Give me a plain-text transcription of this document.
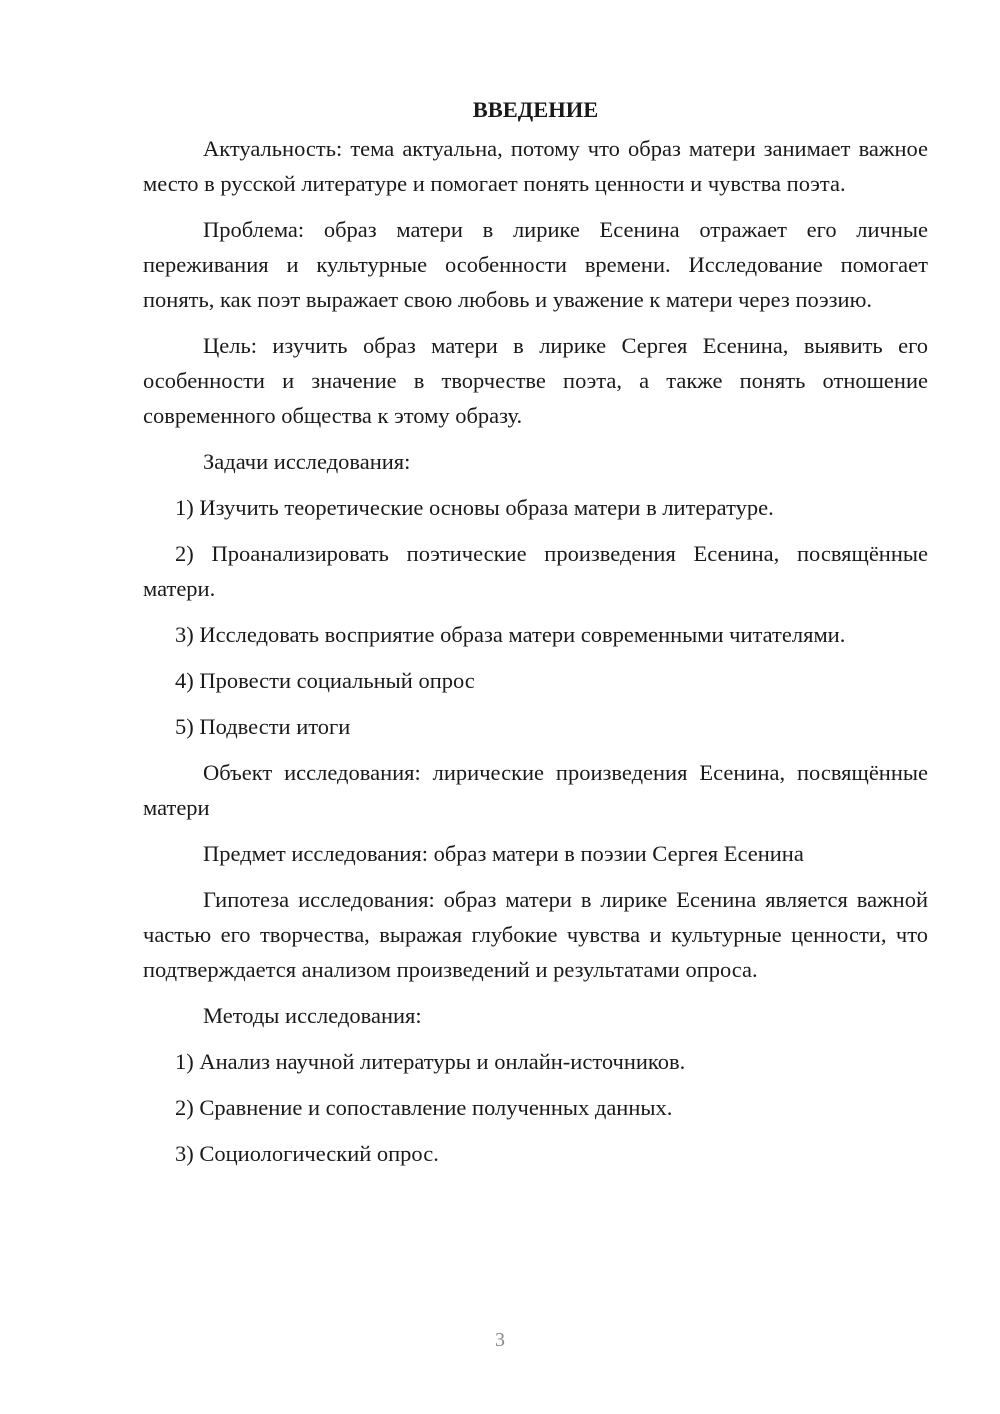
ВВЕДЕНИЕ

Актуальность: тема актуальна, потому что образ матери занимает важное место в русской литературе и помогает понять ценности и чувства поэта.

Проблема: образ матери в лирике Есенина отражает его личные переживания и культурные особенности времени. Исследование помогает понять, как поэт выражает свою любовь и уважение к матери через поэзию.

Цель: изучить образ матери в лирике Сергея Есенина, выявить его особенности и значение в творчестве поэта, а также понять отношение современного общества к этому образу.

Задачи исследования:

1) Изучить теоретические основы образа матери в литературе.

2) Проанализировать поэтические произведения Есенина, посвящённые матери.

3) Исследовать восприятие образа матери современными читателями.

4) Провести социальный опрос

5) Подвести итоги

Объект исследования: лирические произведения Есенина, посвящённые матери

Предмет исследования: образ матери в поэзии Сергея Есенина

Гипотеза исследования: образ матери в лирике Есенина является важной частью его творчества, выражая глубокие чувства и культурные ценности, что подтверждается анализом произведений и результатами опроса.

Методы исследования:

1) Анализ научной литературы и онлайн-источников.

2) Сравнение и сопоставление полученных данных.

3) Социологический опрос.

3
